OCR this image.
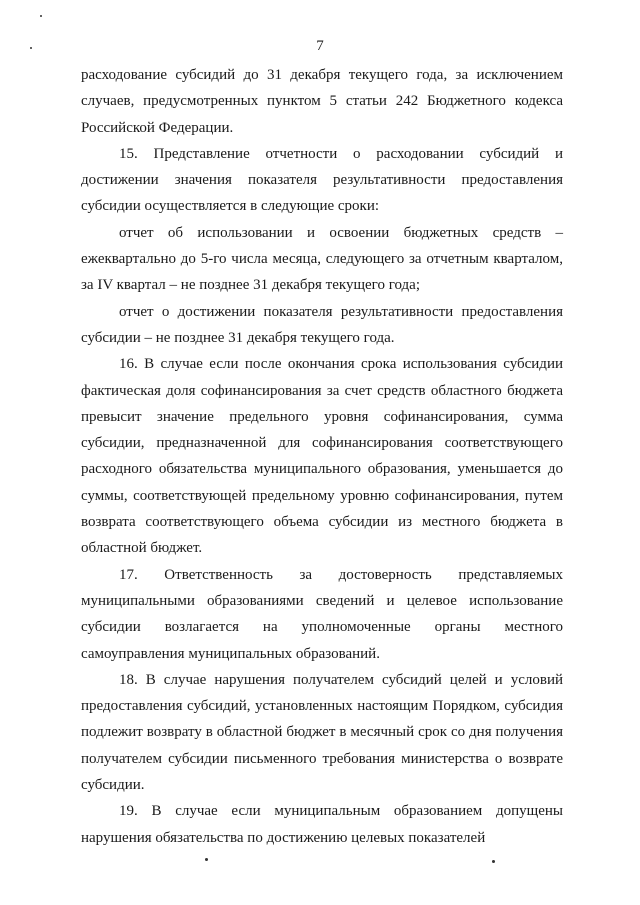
7

расходование субсидий до 31 декабря текущего года, за исключением случаев, предусмотренных пунктом 5 статьи 242 Бюджетного кодекса Российской Федерации.

15. Представление отчетности о расходовании субсидий и достижении значения показателя результативности предоставления субсидии осуществляется в следующие сроки:

отчет об использовании и освоении бюджетных средств – ежеквартально до 5-го числа месяца, следующего за отчетным кварталом, за IV квартал – не позднее 31 декабря текущего года;

отчет о достижении показателя результативности предоставления субсидии – не позднее 31 декабря текущего года.

16. В случае если после окончания срока использования субсидии фактическая доля софинансирования за счет средств областного бюджета превысит значение предельного уровня софинансирования, сумма субсидии, предназначенной для софинансирования соответствующего расходного обязательства муниципального образования, уменьшается до суммы, соответствующей предельному уровню софинансирования, путем возврата соответствующего объема субсидии из местного бюджета в областной бюджет.

17. Ответственность за достоверность представляемых муниципальными образованиями сведений и целевое использование субсидии возлагается на уполномоченные органы местного самоуправления муниципальных образований.

18. В случае нарушения получателем субсидий целей и условий предоставления субсидий, установленных настоящим Порядком, субсидия подлежит возврату в областной бюджет в месячный срок со дня получения получателем субсидии письменного требования министерства о возврате субсидии.

19. В случае если муниципальным образованием допущены нарушения обязательства по достижению целевых показателей
